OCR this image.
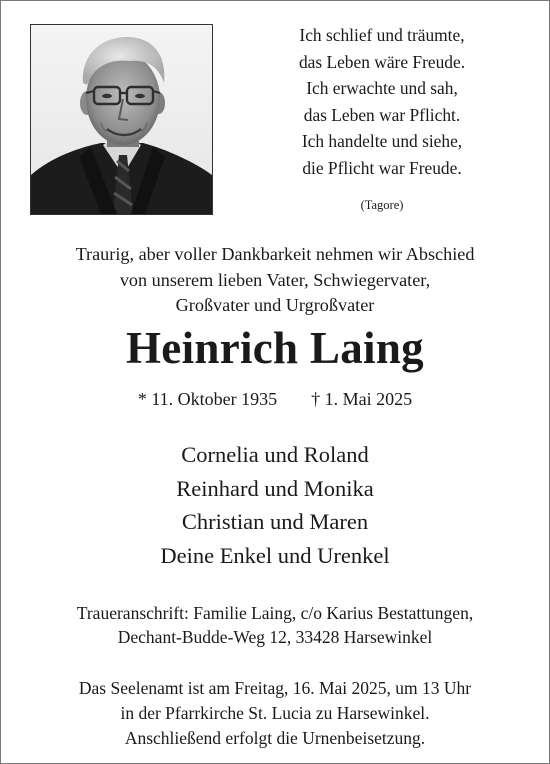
Ich schlief und träumte,
das Leben wäre Freude.
Ich erwachte und sah,
das Leben war Pflicht.
Ich handelte und siehe,
die Pflicht war Freude.
(Tagore)
Traurig, aber voller Dankbarkeit nehmen wir Abschied
von unserem lieben Vater, Schwiegervater,
Großvater und Urgroßvater
Heinrich Laing
* 11. Oktober 1935 † 1. Mai 2025
Cornelia und Roland
Reinhard und Monika
Christian und Maren
Deine Enkel und Urenkel
Traueranschrift: Familie Laing, c/o Karius Bestattungen,
Dechant-Budde-Weg 12, 33428 Harsewinkel
Das Seelenamt ist am Freitag, 16. Mai 2025, um 13 Uhr
in der Pfarrkirche St. Lucia zu Harsewinkel.
Anschließend erfolgt die Urnenbeisetzung.
